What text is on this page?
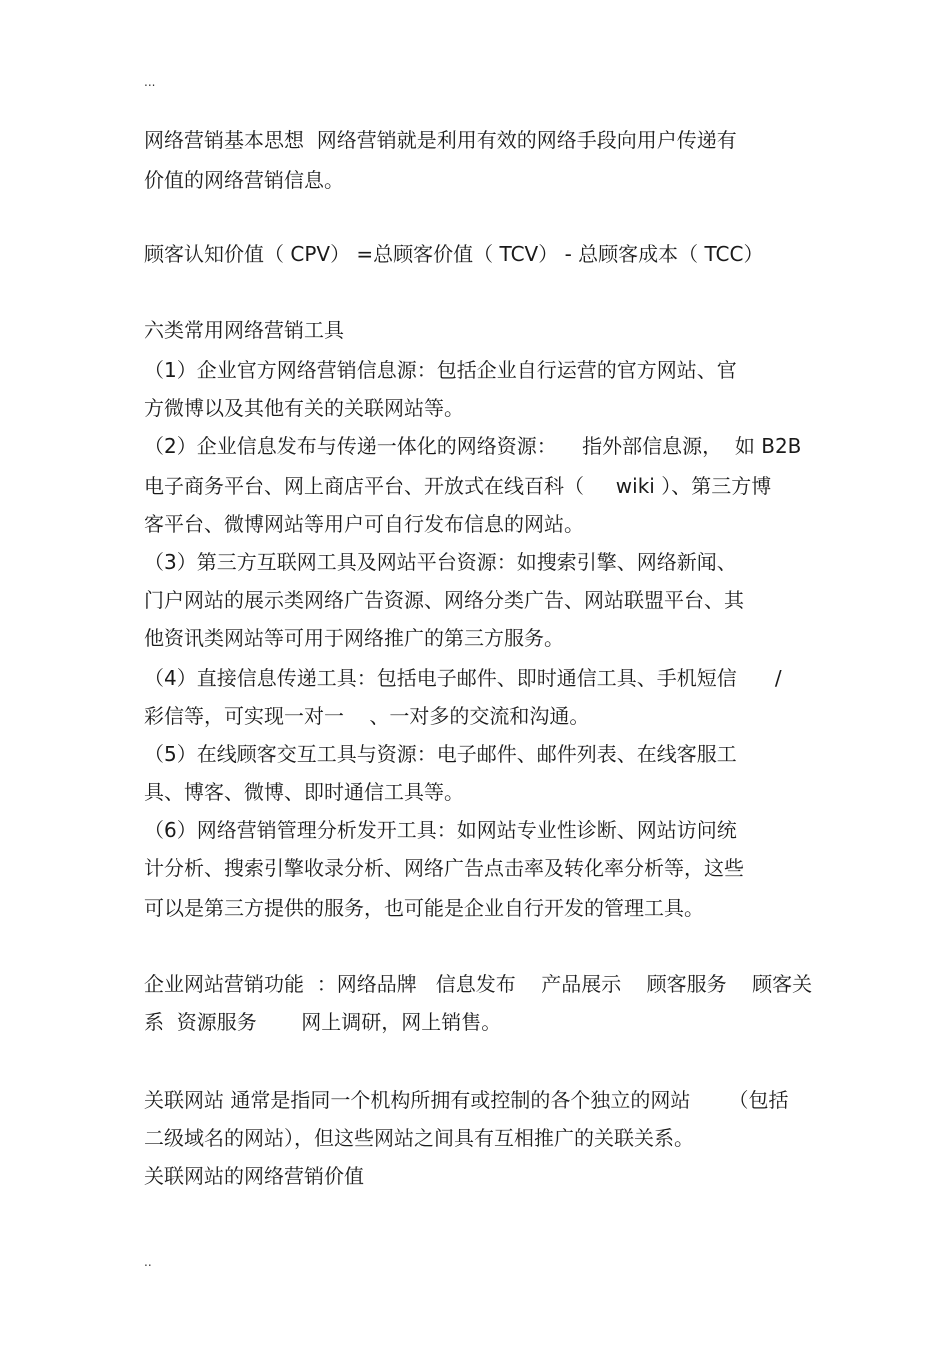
...
网络营销基本思想  网络营销就是利用有效的网络手段向用户传递有
价值的网络营销信息。
顾客认知价值（ CPV） =总顾客价值（ TCV） - 总顾客成本（ TCC）
六类常用网络营销工具
（1）企业官方网络营销信息源：包括企业自行运营的官方网站、官
方微博以及其他有关的关联网站等。
（2）企业信息发布与传递一体化的网络资源：    指外部信息源，  如 B2B
电子商务平台、网上商店平台、开放式在线百科（     wiki ）、第三方博
客平台、微博网站等用户可自行发布信息的网站。
（3）第三方互联网工具及网站平台资源：如搜索引擎、网络新闻、
门户网站的展示类网络广告资源、网络分类广告、网站联盟平台、其
他资讯类网站等可用于网络推广的第三方服务。
（4）直接信息传递工具：包括电子邮件、即时通信工具、手机短信      /
彩信等，可实现一对一    、一对多的交流和沟通。
（5）在线顾客交互工具与资源：电子邮件、邮件列表、在线客服工
具、博客、微博、即时通信工具等。
（6）网络营销管理分析发开工具：如网站专业性诊断、网站访问统
计分析、搜索引擎收录分析、网络广告点击率及转化率分析等，这些
可以是第三方提供的服务，也可能是企业自行开发的管理工具。
企业网站营销功能  ：网络品牌   信息发布    产品展示    顾客服务    顾客关
系  资源服务       网上调研，网上销售。
关联网站 通常是指同一个机构所拥有或控制的各个独立的网站      （包括
二级域名的网站），但这些网站之间具有互相推广的关联关系。
关联网站的网络营销价值
..
